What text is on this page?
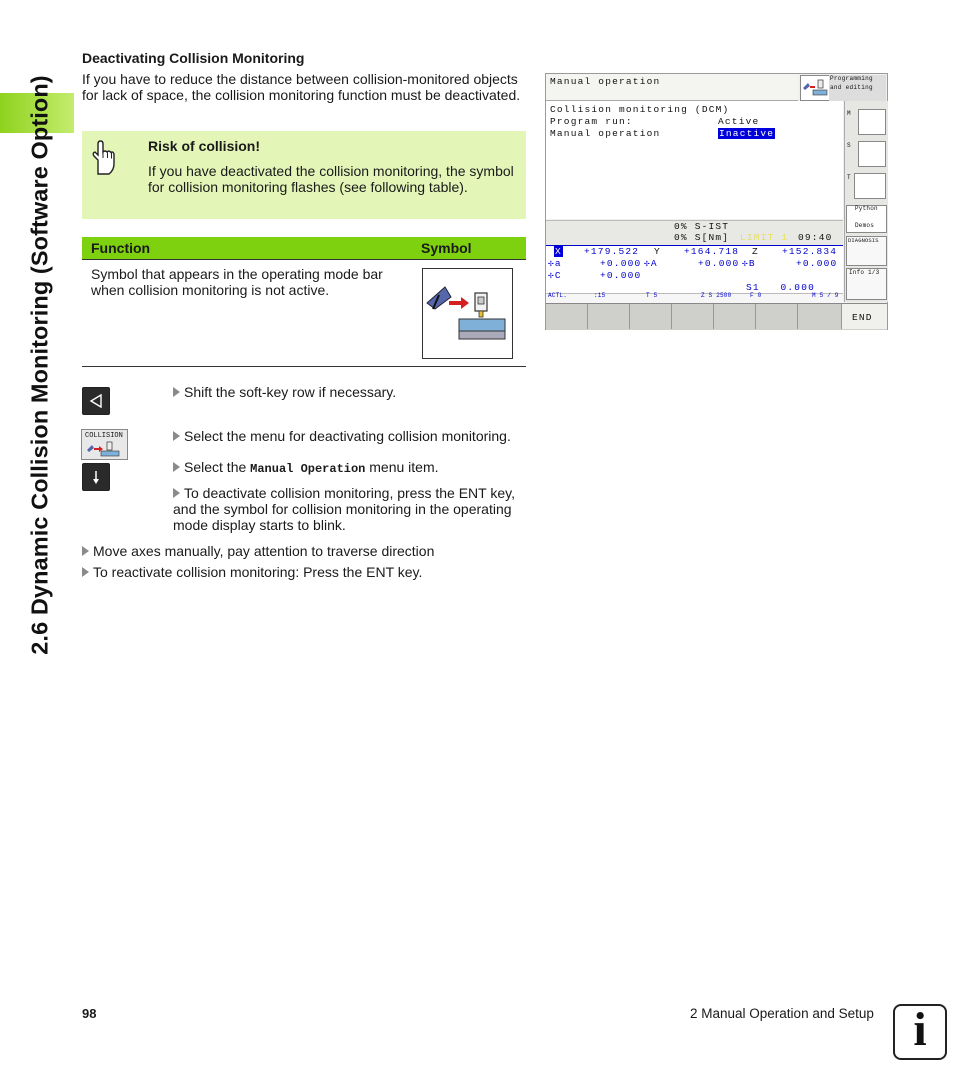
2.6 Dynamic Collision Monitoring (Software Option)
Deactivating Collision Monitoring
If you have to reduce the distance between collision-monitored objects for lack of space, the collision monitoring function must be deactivated.
Risk of collision!
If you have deactivated the collision monitoring, the symbol for collision monitoring flashes (see following table).
Function	Symbol
Symbol that appears in the operating mode bar when collision monitoring is not active.
COLLISION
Shift the soft-key row if necessary.
Select the menu for deactivating collision monitoring.
Select the Manual Operation menu item.
To deactivate collision monitoring, press the ENT key, and the symbol for collision monitoring in the operating mode display starts to blink.
Move axes manually, pay attention to traverse direction
To reactivate collision monitoring: Press the ENT key.
Manual operation	Programming
and editing
Collision monitoring (DCM)
Program run:	Active
Manual operation	Inactive
0% S-IST
0% S[Nm] LIMIT 1 09:40
X +179.522 Y +164.718 Z +152.834
✢a	+0.000 ✢A	+0.000 ✢B	+0.000
✢C	+0.000
S1   0.000
ACTL.	:15	T 5	Z S 2500	F 0	M 5 / 9
M
S
T
Python
Demos
DIAGNOSIS
Info 1/3
END
98	2 Manual Operation and Setup i
